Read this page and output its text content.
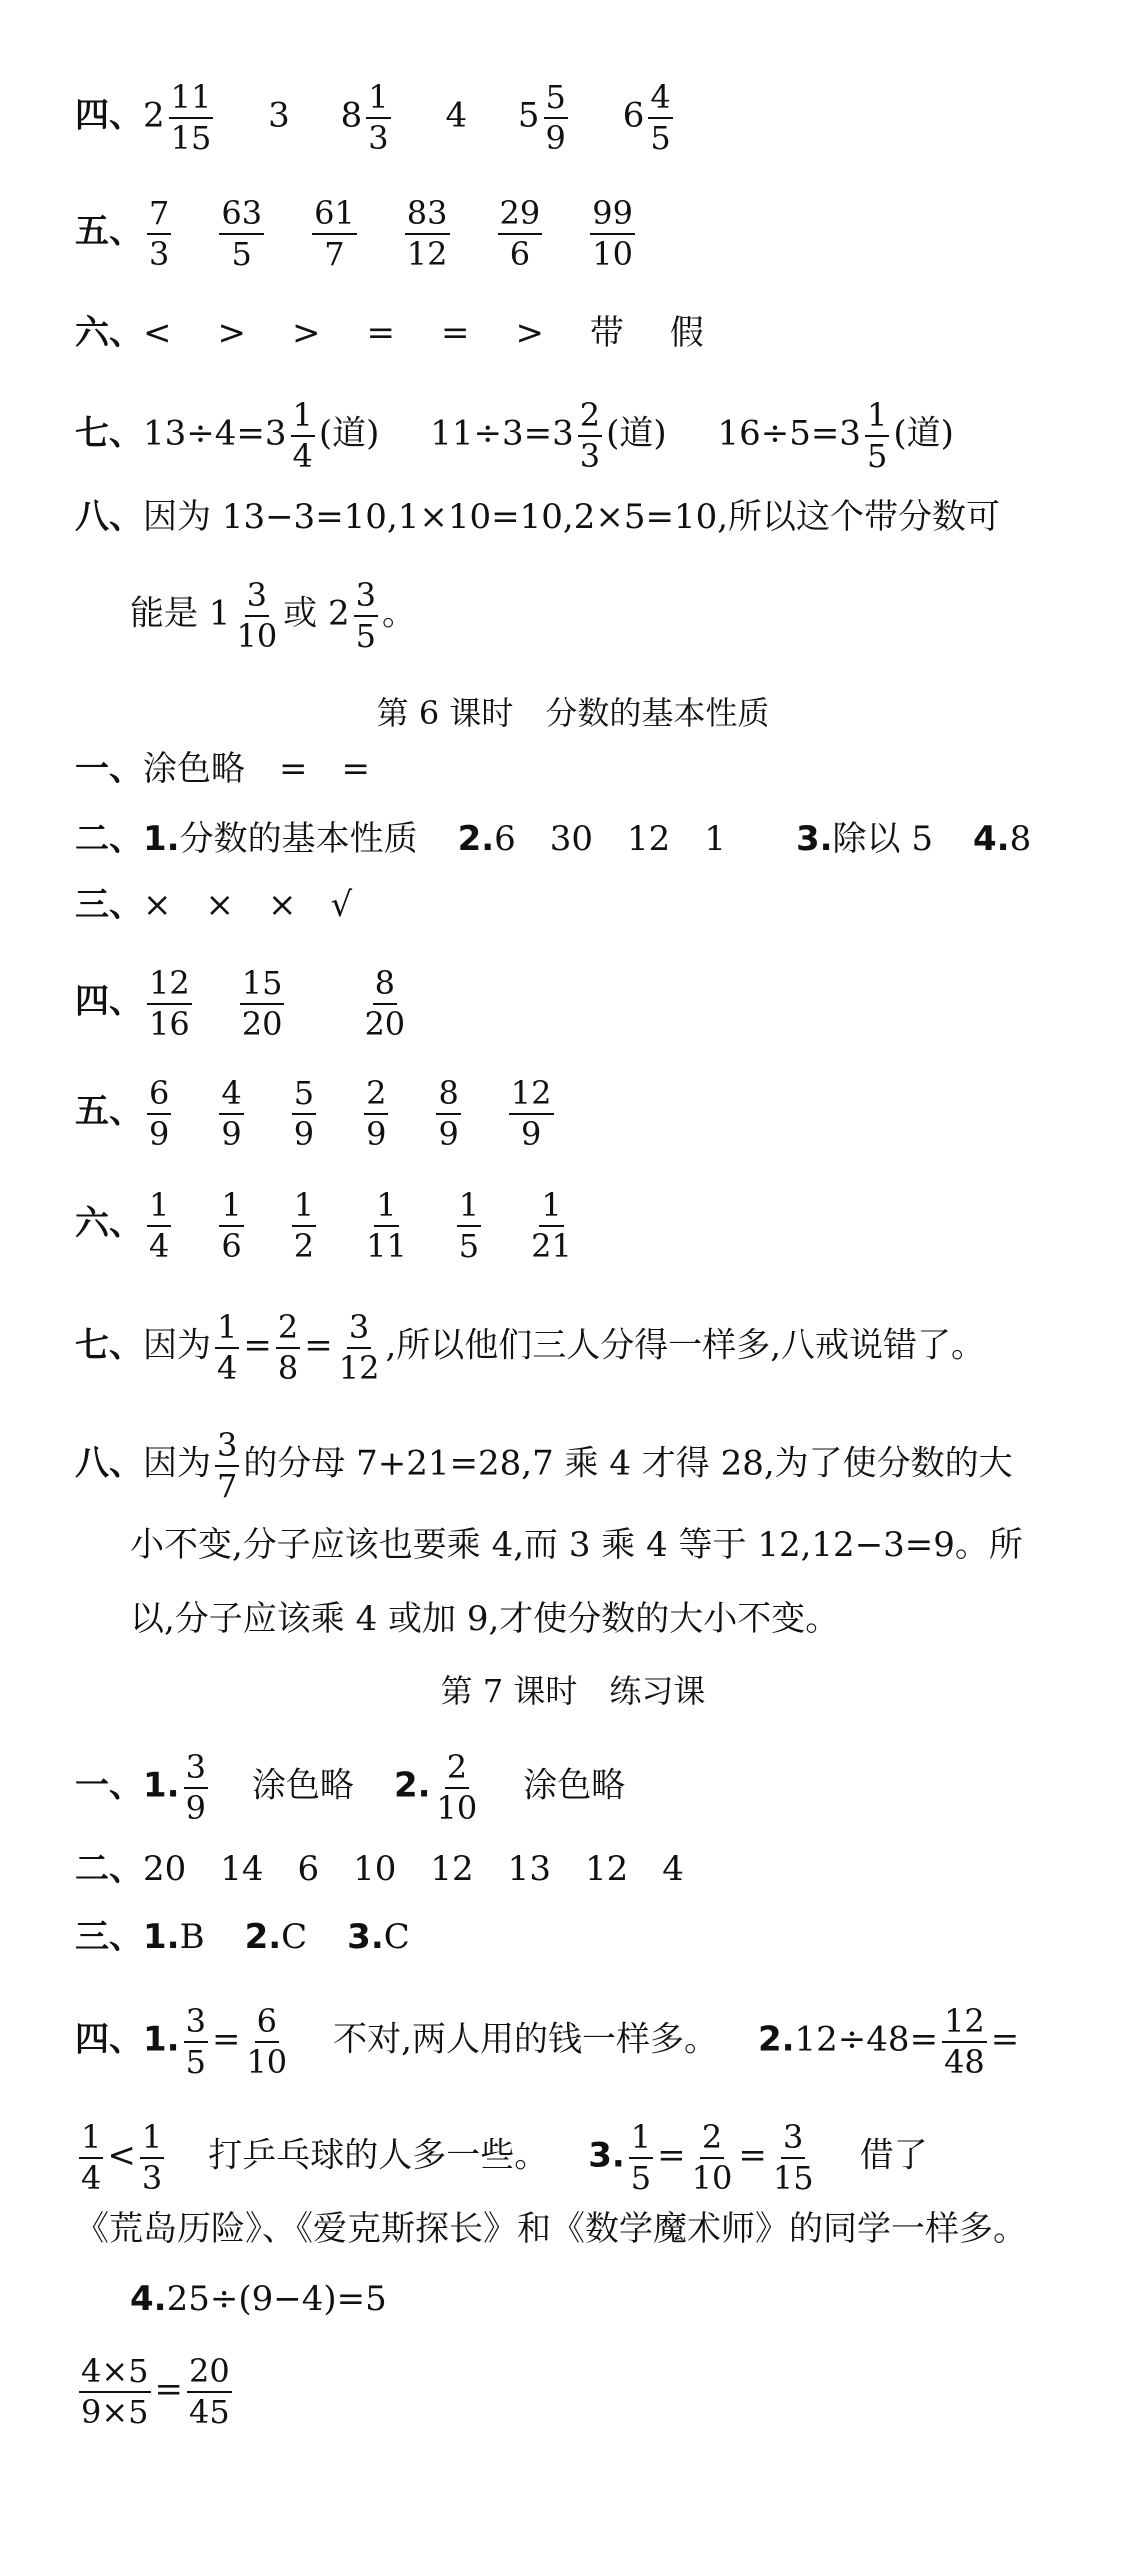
四、$2 \frac{11}{15} 3$ $8 \frac{1}{3} 4$ $5 \frac{5}{9} 6 \frac{4}{5}$
五、 $\frac{7}{3} \frac{63}{5} \frac{61}{7} \frac{83}{12} \frac{29}{6} \frac{99}{10}$
六、<　>　>　=　=　>　带　假
七、$13\div 4=3 \frac{1}{4}$ (道) $11\div 3=3 \frac{2}{3}$ (道) $16\div 5=3 \frac{1}{5}$ (道)
八、因为 13−3=10,1×10=10,2×5=10,所以这个带分数可
能是 $1 \frac{3}{10}$ 或 $2 \frac{3}{5}$ 。
第 6 课时　分数的基本性质
一、涂色略　=　=
二、1.分数的基本性质 2.6　30　12　1 3.除以 5 4.8
三、×　×　×　√
四、 $\frac{12}{16} \frac{15}{20} \frac{8}{20}$
五、 $\frac{6}{9} \frac{4}{9} \frac{5}{9} \frac{2}{9} \frac{8}{9} \frac{12}{9}$
六、 $\frac{1}{4} \frac{1}{6} \frac{1}{2} \frac{1}{11} \frac{1}{5} \frac{1}{21}$
七、因为 $\frac{1}{4} = \frac{2}{8} = \frac{3}{12}$ ,所以他们三人分得一样多,八戒说错了。
八、因为 $\frac{3}{7}$ 的分母 7+21=28,7 乘 4 才得 28,为了使分数的大
小不变,分子应该也要乘 4,而 3 乘 4 等于 12,12−3=9。所
以,分子应该乘 4 或加 9,才使分数的大小不变。
第 7 课时　练习课
一、1. $\frac{3}{9}$ 涂色略 2. $\frac{2}{10}$ 涂色略
二、20　14　6　10　12　13　12　4
三、1.B 2.C 3.C
四、1. $\frac{3}{5} = \frac{6}{10}$ 不对,两人用的钱一样多。 $2.12\div 48= \frac{12}{48}$ =
$\frac{1}{4} < \frac{1}{3}$ 打乒乓球的人多一些。 3. $\frac{1}{5} = \frac{2}{10} = \frac{3}{15}$ 借了
《荒岛历险》、《爱克斯探长》和《数学魔术师》的同学一样多。
4.25÷(9−4)=5
$\frac{4\times 5}{9\times 5} = \frac{20}{45}$
